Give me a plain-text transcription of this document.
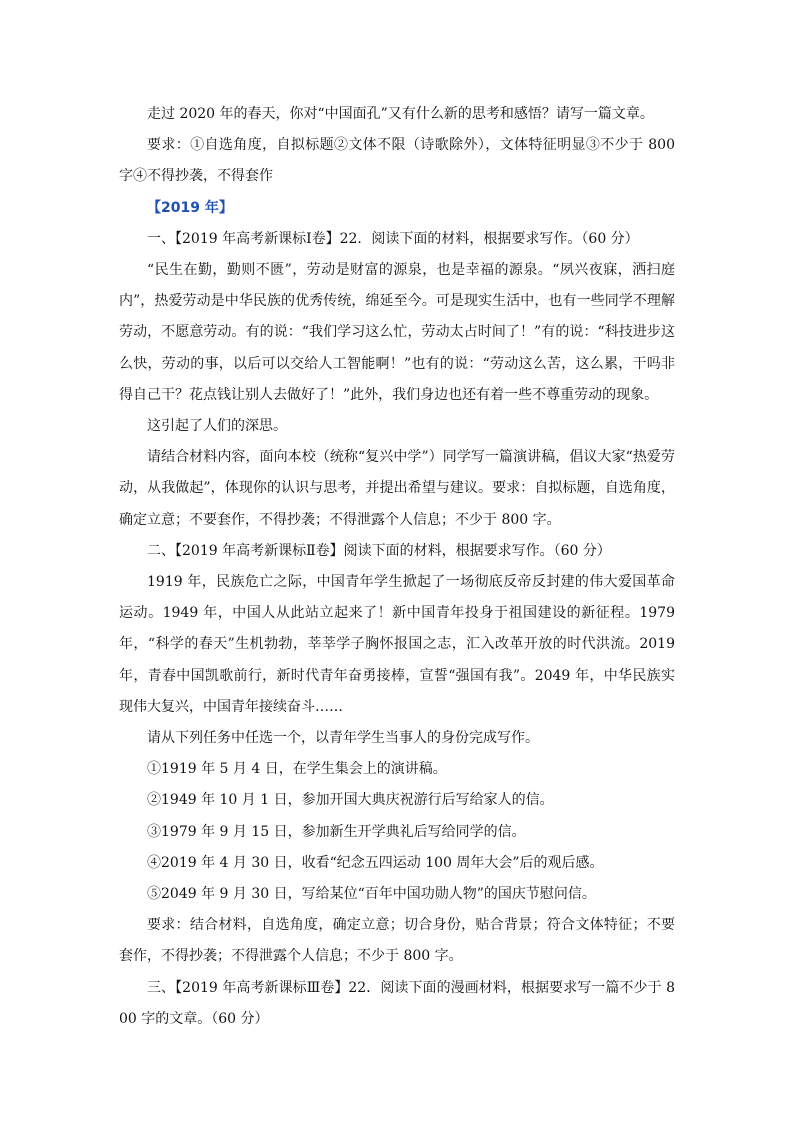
走过 2020 年的春天，你对“中国面孔”又有什么新的思考和感悟？请写一篇文章。

要求：①自选角度，自拟标题②文体不限（诗歌除外），文体特征明显③不少于 800 字④不得抄袭，不得套作

【2019 年】

一、【2019 年高考新课标Ⅰ卷】22．阅读下面的材料，根据要求写作。（60 分）

“民生在勤，勤则不匮”，劳动是财富的源泉，也是幸福的源泉。“夙兴夜寐，洒扫庭内”，热爱劳动是中华民族的优秀传统，绵延至今。可是现实生活中，也有一些同学不理解劳动，不愿意劳动。有的说：“我们学习这么忙，劳动太占时间了！”有的说：“科技进步这么快，劳动的事，以后可以交给人工智能啊！”也有的说：“劳动这么苦，这么累，干吗非得自己干？花点钱让别人去做好了！”此外，我们身边也还有着一些不尊重劳动的现象。

这引起了人们的深思。

请结合材料内容，面向本校（统称“复兴中学”）同学写一篇演讲稿，倡议大家“热爱劳动，从我做起”，体现你的认识与思考，并提出希望与建议。要求：自拟标题，自选角度，确定立意；不要套作，不得抄袭；不得泄露个人信息；不少于 800 字。

二、【2019 年高考新课标Ⅱ卷】阅读下面的材料，根据要求写作。（60 分）

1919 年，民族危亡之际，中国青年学生掀起了一场彻底反帝反封建的伟大爱国革命运动。1949 年，中国人从此站立起来了！新中国青年投身于祖国建设的新征程。1979 年，“科学的春天”生机勃勃，莘莘学子胸怀报国之志，汇入改革开放的时代洪流。2019 年，青春中国凯歌前行，新时代青年奋勇接棒，宣誓“强国有我”。2049 年，中华民族实现伟大复兴，中国青年接续奋斗……

请从下列任务中任选一个，以青年学生当事人的身份完成写作。

①1919 年 5 月 4 日，在学生集会上的演讲稿。

②1949 年 10 月 1 日，参加开国大典庆祝游行后写给家人的信。

③1979 年 9 月 15 日，参加新生开学典礼后写给同学的信。

④2019 年 4 月 30 日，收看“纪念五四运动 100 周年大会”后的观后感。

⑤2049 年 9 月 30 日，写给某位“百年中国功勋人物”的国庆节慰问信。

要求：结合材料，自选角度，确定立意；切合身份，贴合背景；符合文体特征；不要套作，不得抄袭；不得泄露个人信息；不少于 800 字。

三、【2019 年高考新课标Ⅲ卷】22．阅读下面的漫画材料，根据要求写一篇不少于 800 字的文章。（60 分）
